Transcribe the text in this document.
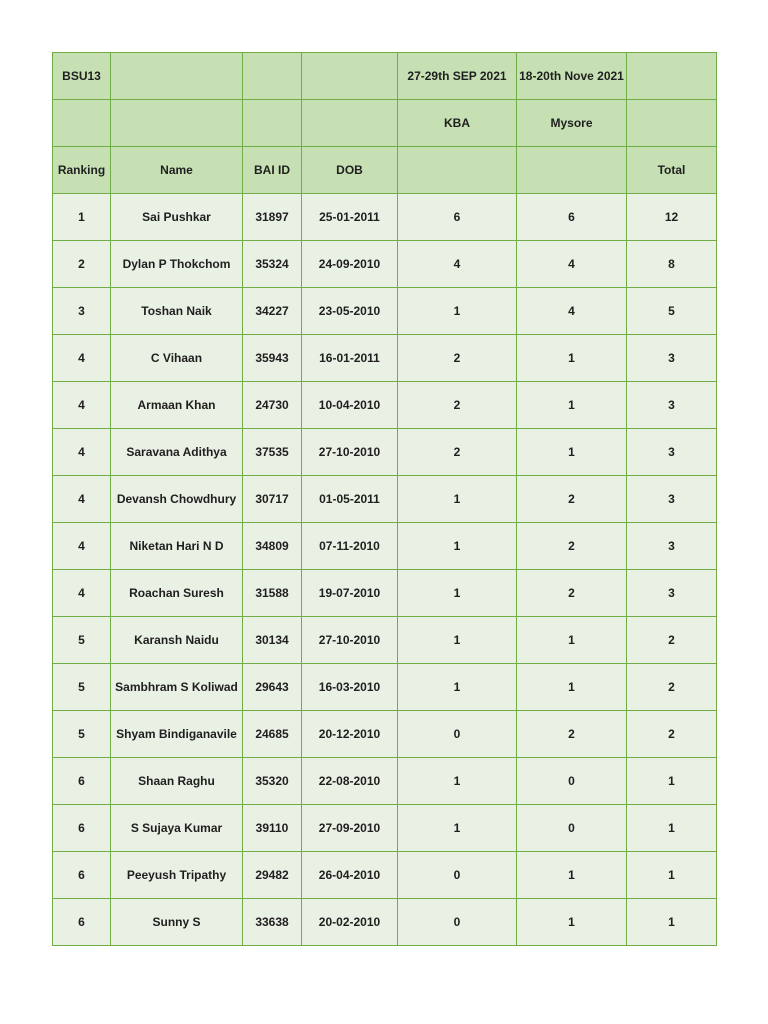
BSU13				27-29th SEP 2021	18-20th Nove 2021	
				KBA	Mysore	
Ranking	Name	BAI ID	DOB			Total
1	Sai Pushkar	31897	25-01-2011	6	6	12
2	Dylan P Thokchom	35324	24-09-2010	4	4	8
3	Toshan Naik	34227	23-05-2010	1	4	5
4	C Vihaan	35943	16-01-2011	2	1	3
4	Armaan Khan	24730	10-04-2010	2	1	3
4	Saravana Adithya	37535	27-10-2010	2	1	3
4	Devansh Chowdhury	30717	01-05-2011	1	2	3
4	Niketan Hari N D	34809	07-11-2010	1	2	3
4	Roachan Suresh	31588	19-07-2010	1	2	3
5	Karansh Naidu	30134	27-10-2010	1	1	2
5	Sambhram S Koliwad	29643	16-03-2010	1	1	2
5	Shyam Bindiganavile	24685	20-12-2010	0	2	2
6	Shaan Raghu	35320	22-08-2010	1	0	1
6	S Sujaya Kumar	39110	27-09-2010	1	0	1
6	Peeyush Tripathy	29482	26-04-2010	0	1	1
6	Sunny S	33638	20-02-2010	0	1	1
